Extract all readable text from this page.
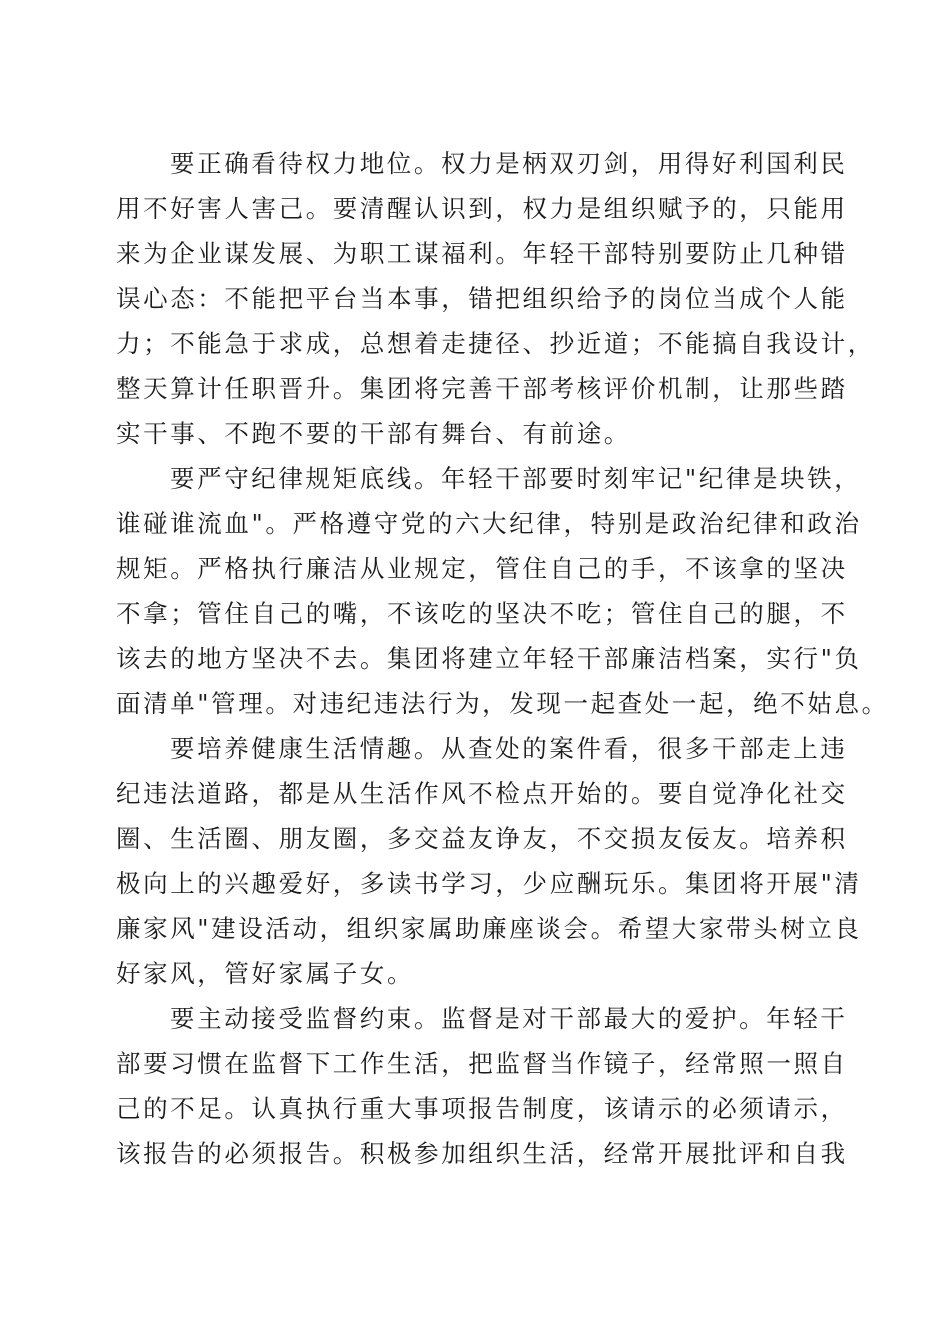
要正确看待权力地位。权力是柄双刃剑，用得好利国利民
用不好害人害己。要清醒认识到，权力是组织赋予的，只能用
来为企业谋发展、为职工谋福利。年轻干部特别要防止几种错
误心态：不能把平台当本事，错把组织给予的岗位当成个人能
力；不能急于求成，总想着走捷径、抄近道；不能搞自我设计，
整天算计任职晋升。集团将完善干部考核评价机制，让那些踏
实干事、不跑不要的干部有舞台、有前途。
要严守纪律规矩底线。年轻干部要时刻牢记"纪律是块铁，
谁碰谁流血"。严格遵守党的六大纪律，特别是政治纪律和政治
规矩。严格执行廉洁从业规定，管住自己的手，不该拿的坚决
不拿；管住自己的嘴，不该吃的坚决不吃；管住自己的腿，不
该去的地方坚决不去。集团将建立年轻干部廉洁档案，实行"负
面清单"管理。对违纪违法行为，发现一起查处一起，绝不姑息。
要培养健康生活情趣。从查处的案件看，很多干部走上违
纪违法道路，都是从生活作风不检点开始的。要自觉净化社交
圈、生活圈、朋友圈，多交益友诤友，不交损友佞友。培养积
极向上的兴趣爱好，多读书学习，少应酬玩乐。集团将开展"清
廉家风"建设活动，组织家属助廉座谈会。希望大家带头树立良
好家风，管好家属子女。
要主动接受监督约束。监督是对干部最大的爱护。年轻干
部要习惯在监督下工作生活，把监督当作镜子，经常照一照自
己的不足。认真执行重大事项报告制度，该请示的必须请示，
该报告的必须报告。积极参加组织生活，经常开展批评和自我
